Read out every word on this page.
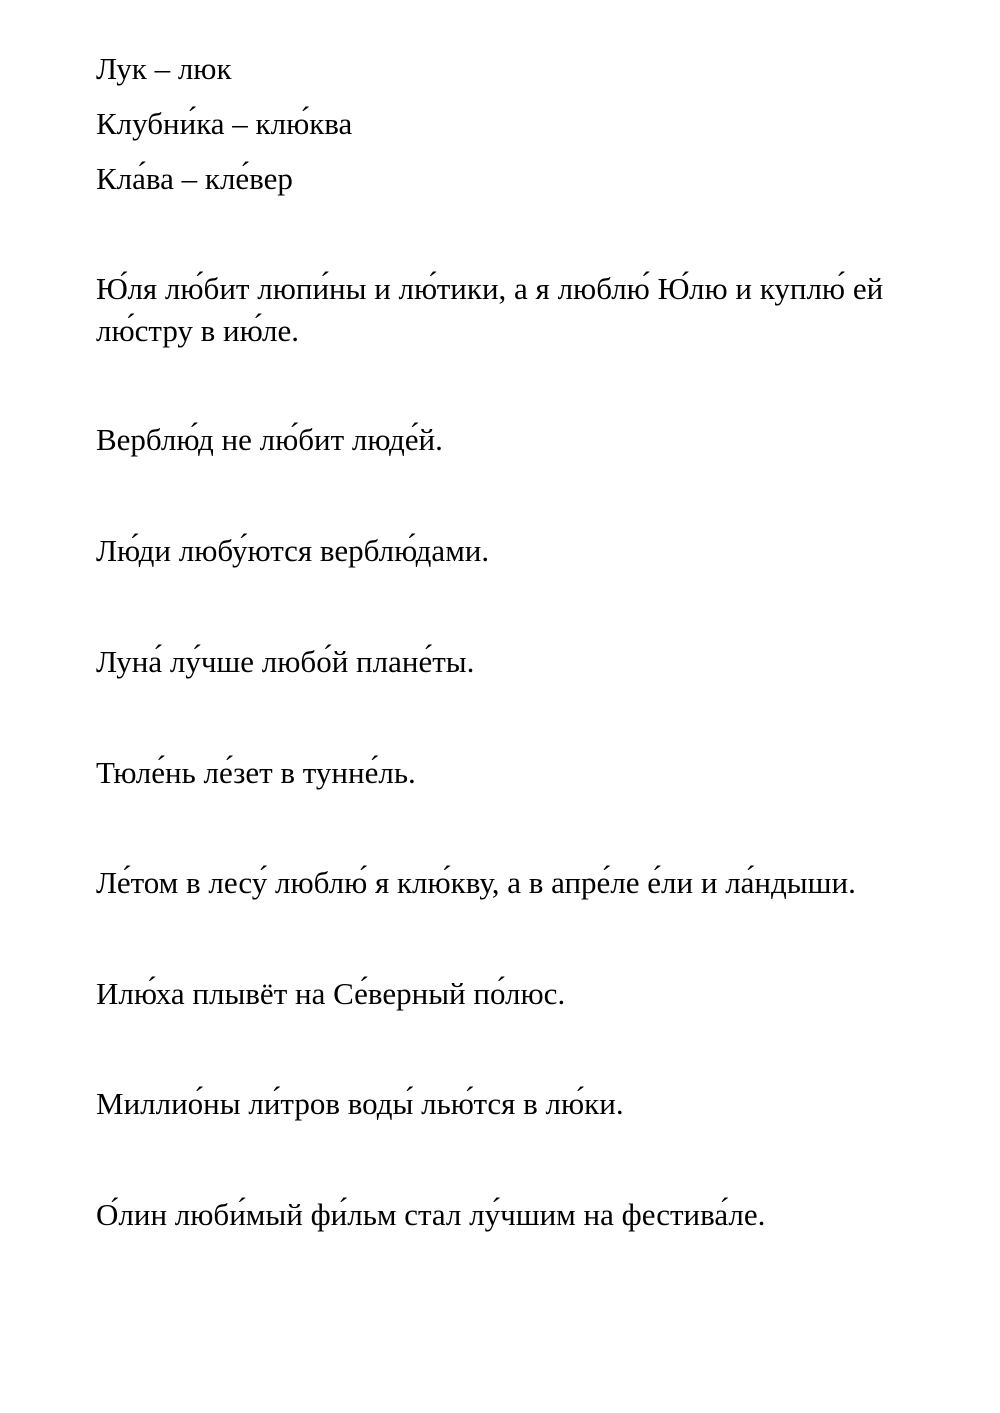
Лук – люк

Клубни́ка – клю́ква

Кла́ва – кле́вер

Ю́ля лю́бит люпи́ны и лю́тики, а я люблю́ Ю́лю и куплю́ ей лю́стру в ию́ле.

Верблю́д не лю́бит люде́й.

Лю́ди любу́ются верблю́дами.

Луна́ лу́чше любо́й плане́ты.

Тюле́нь ле́зет в тунне́ль.

Ле́том в лесу́ люблю́ я клю́кву, а в апре́ле е́ли и ла́ндыши.

Илю́ха плывёт на Се́верный по́люс.

Миллио́ны ли́тров воды́ лью́тся в лю́ки.

О́лин люби́мый фи́льм стал лу́чшим на фестива́ле.
